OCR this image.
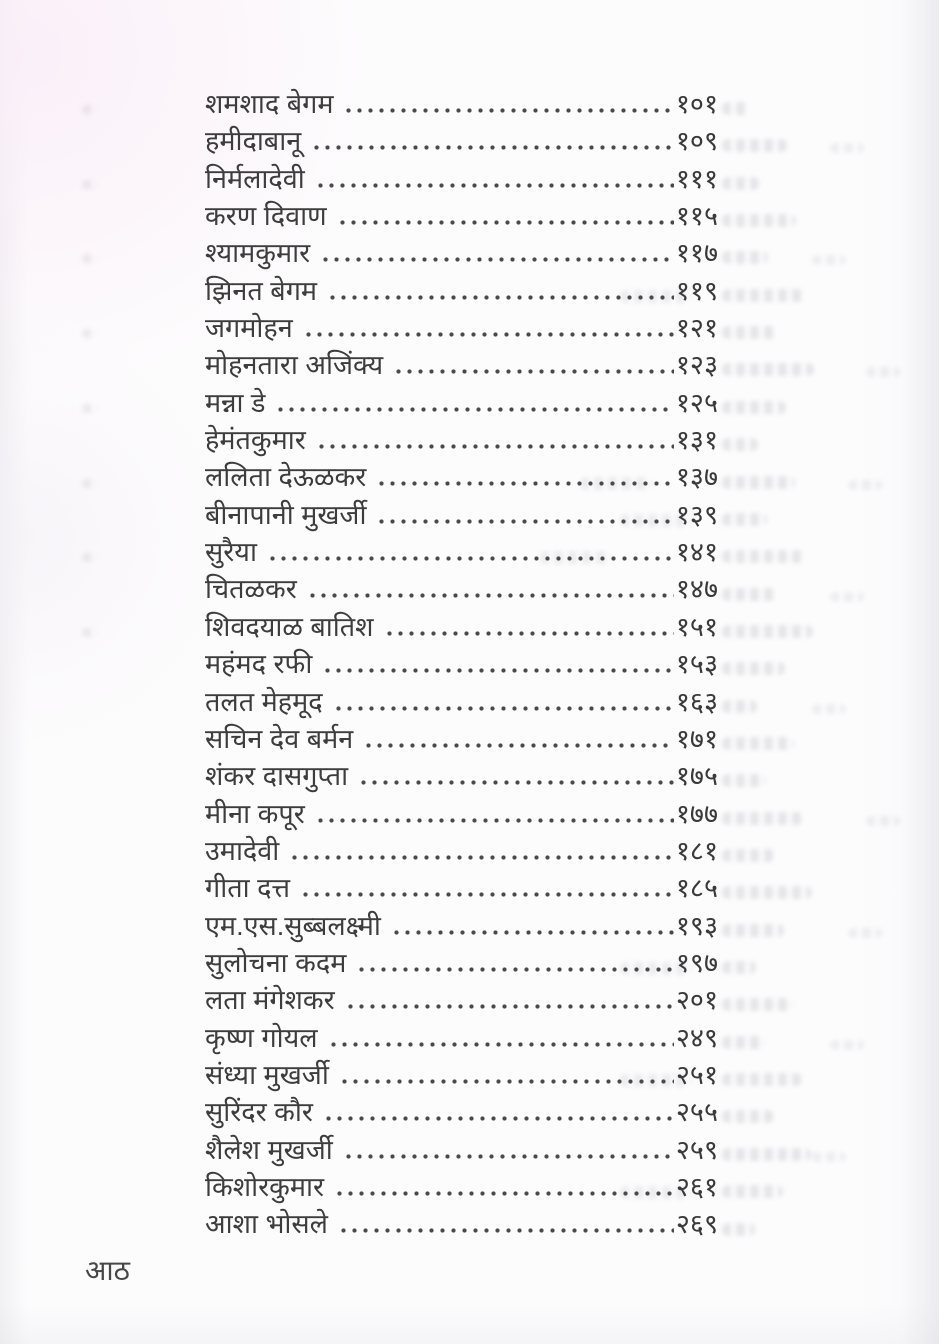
शमशाद बेगम	१०१
हमीदाबानू	१०९
निर्मलादेवी	१११
करण दिवाण	११५
श्यामकुमार	११७
झिनत बेगम	११९
जगमोहन	१२१
मोहनतारा अजिंक्य	१२३
मन्ना डे	१२५
हेमंतकुमार	१३१
ललिता देऊळकर	१३७
बीनापानी मुखर्जी	१३९
सुरैया	१४१
चितळकर	१४७
शिवदयाळ बातिश	१५१
महंमद रफी	१५३
तलत मेहमूद	१६३
सचिन देव बर्मन	१७१
शंकर दासगुप्ता	१७५
मीना कपूर	१७७
उमादेवी	१८१
गीता दत्त	१८५
एम.एस.सुब्बलक्ष्मी	१९३
सुलोचना कदम	१९७
लता मंगेशकर	२०१
कृष्ण गोयल	२४९
संध्या मुखर्जी	२५१
सुरिंदर कौर	२५५
शैलेश मुखर्जी	२५९
किशोरकुमार	२६१
आशा भोसले	२६९
आठ
